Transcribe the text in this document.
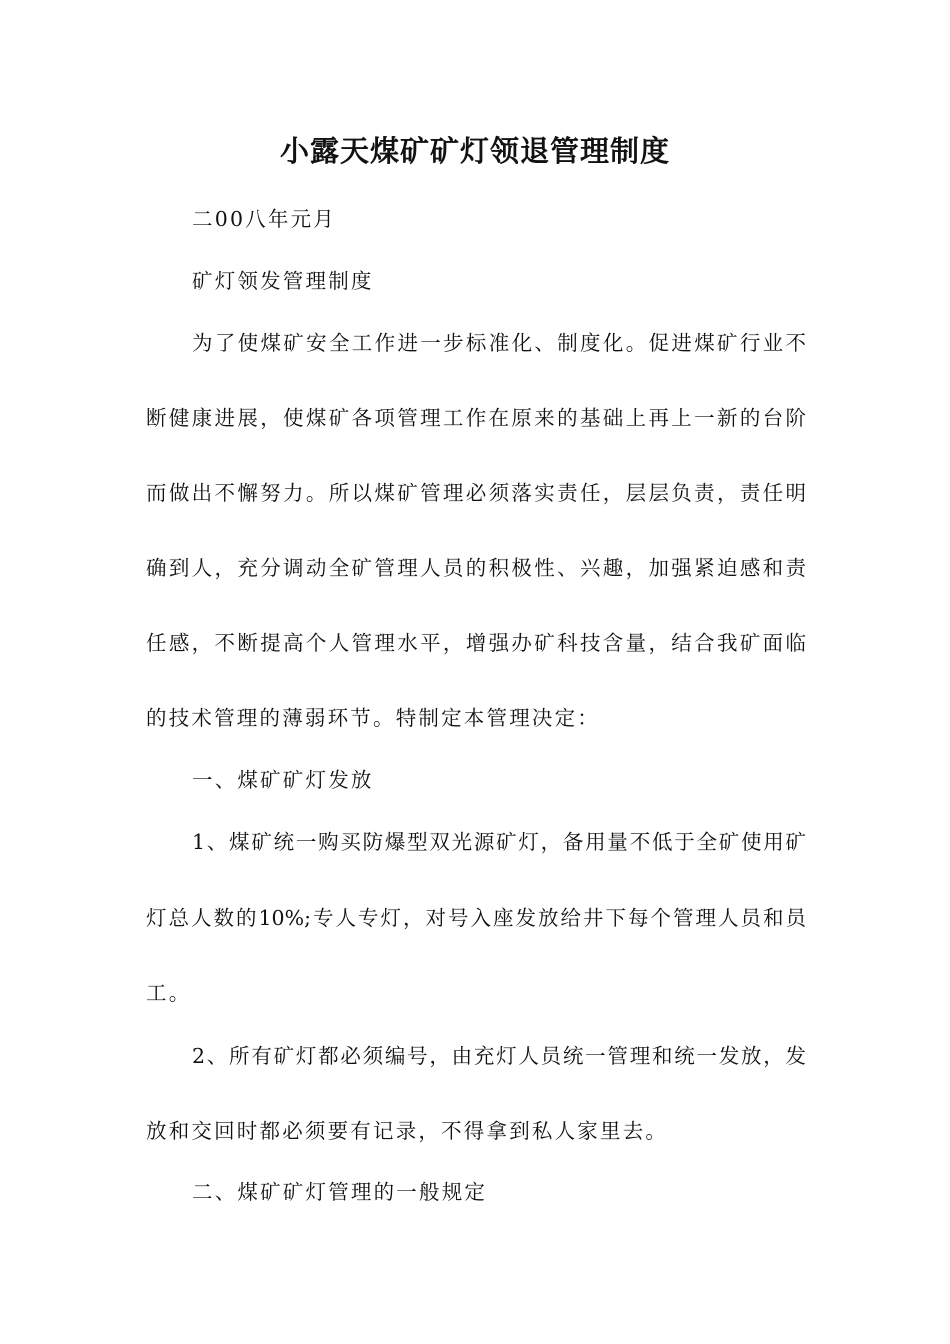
小露天煤矿矿灯领退管理制度

二00八年元月

矿灯领发管理制度

为了使煤矿安全工作进一步标准化、制度化。促进煤矿行业不

断健康进展，使煤矿各项管理工作在原来的基础上再上一新的台阶

而做出不懈努力。所以煤矿管理必须落实责任，层层负责，责任明

确到人，充分调动全矿管理人员的积极性、兴趣，加强紧迫感和责

任感，不断提高个人管理水平，增强办矿科技含量，结合我矿面临

的技术管理的薄弱环节。特制定本管理决定：

一、煤矿矿灯发放

1、煤矿统一购买防爆型双光源矿灯，备用量不低于全矿使用矿

灯总人数的10%;专人专灯，对号入座发放给井下每个管理人员和员

工。

2、所有矿灯都必须编号，由充灯人员统一管理和统一发放，发

放和交回时都必须要有记录，不得拿到私人家里去。

二、煤矿矿灯管理的一般规定
